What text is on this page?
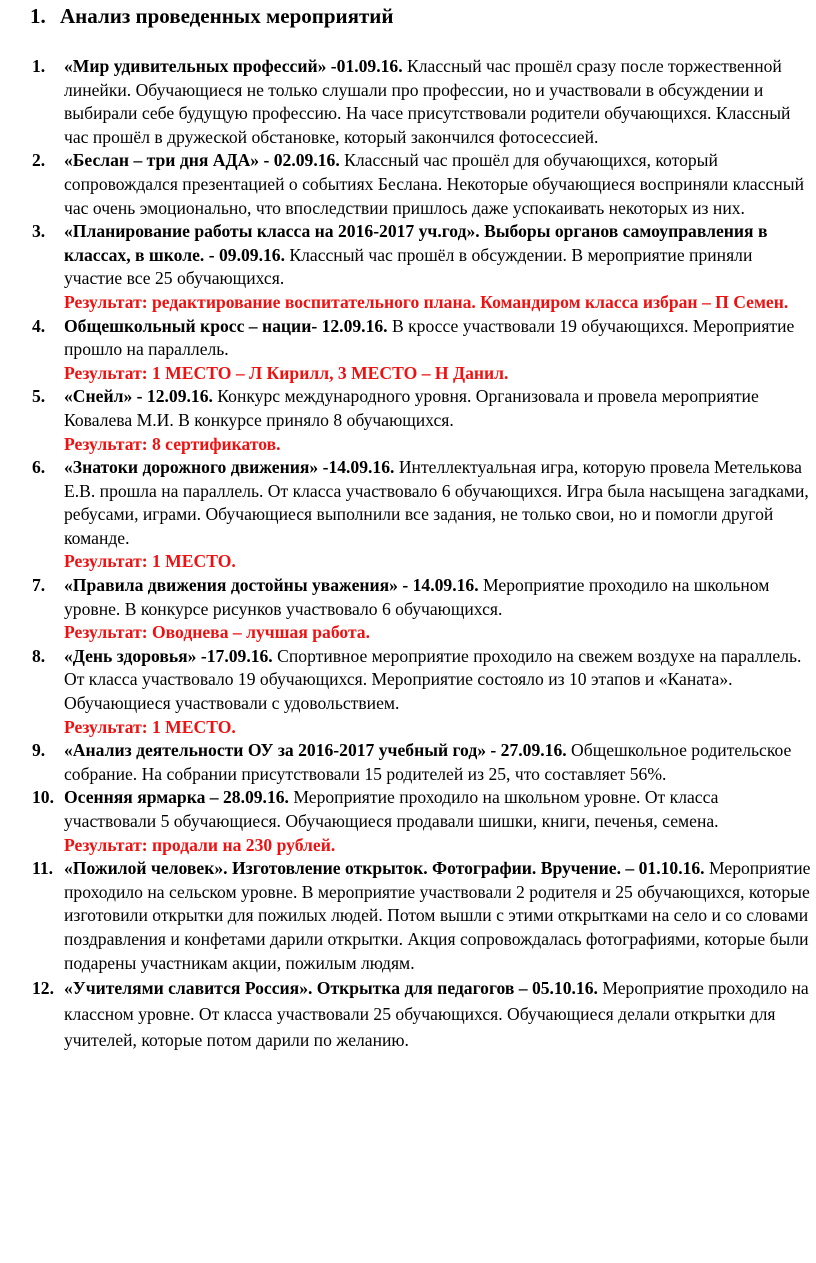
1. Анализ проведенных мероприятий
1. «Мир удивительных профессий» -01.09.16. Классный час прошёл сразу после торжественной линейки. Обучающиеся не только слушали про профессии, но и участвовали в обсуждении и выбирали себе будущую профессию. На часе присутствовали родители обучающихся. Классный час прошёл в дружеской обстановке, который закончился фотосессией.
2. «Беслан – три дня АДА» - 02.09.16. Классный час прошёл для обучающихся, который сопровождался презентацией о событиях Беслана. Некоторые обучающиеся восприняли классный час очень эмоционально, что впоследствии пришлось даже успокаивать некоторых из них.
3. «Планирование работы класса на 2016-2017 уч.год». Выборы органов самоуправления в классах, в школе. - 09.09.16. Классный час прошёл в обсуждении. В мероприятие приняли участие все 25 обучающихся.
Результат: редактирование воспитательного плана. Командиром класса избран – П Семен.
4. Общешкольный кросс – нации- 12.09.16. В кроссе участвовали 19 обучающихся. Мероприятие прошло на параллель.
Результат: 1 МЕСТО – Л Кирилл, 3 МЕСТО – Н Данил.
5. «Снейл» - 12.09.16. Конкурс международного уровня. Организовала и провела мероприятие Ковалева М.И. В конкурсе приняло 8 обучающихся.
Результат: 8 сертификатов.
6. «Знатоки дорожного движения» -14.09.16. Интеллектуальная игра, которую провела Метелькова Е.В. прошла на параллель. От класса участвовало 6 обучающихся. Игра была насыщена загадками, ребусами, играми. Обучающиеся выполнили все задания, не только свои, но и помогли другой команде.
Результат: 1 МЕСТО.
7. «Правила движения достойны уважения» - 14.09.16. Мероприятие проходило на школьном уровне. В конкурсе рисунков участвовало 6 обучающихся.
Результат: Оводнева – лучшая работа.
8. «День здоровья» -17.09.16. Спортивное мероприятие проходило на свежем воздухе на параллель. От класса участвовало 19 обучающихся. Мероприятие состояло из 10 этапов и «Каната». Обучающиеся участвовали с удовольствием.
Результат: 1 МЕСТО.
9. «Анализ деятельности ОУ за 2016-2017 учебный год» - 27.09.16. Общешкольное родительское собрание. На собрании присутствовали 15 родителей из 25, что составляет 56%.
10. Осенняя ярмарка – 28.09.16. Мероприятие проходило на школьном уровне. От класса участвовали 5 обучающиеся. Обучающиеся продавали шишки, книги, печенья, семена.
Результат: продали на 230 рублей.
11. «Пожилой человек». Изготовление открыток. Фотографии. Вручение. – 01.10.16. Мероприятие проходило на сельском уровне. В мероприятие участвовали 2 родителя и 25 обучающихся, которые изготовили открытки для пожилых людей. Потом вышли с этими открытками на село и со словами поздравления и конфетами дарили открытки. Акция сопровождалась фотографиями, которые были подарены участникам акции, пожилым людям.
12. «Учителями славится Россия». Открытка для педагогов – 05.10.16. Мероприятие проходило на классном уровне. От класса участвовали 25 обучающихся. Обучающиеся делали открытки для учителей, которые потом дарили по желанию.
